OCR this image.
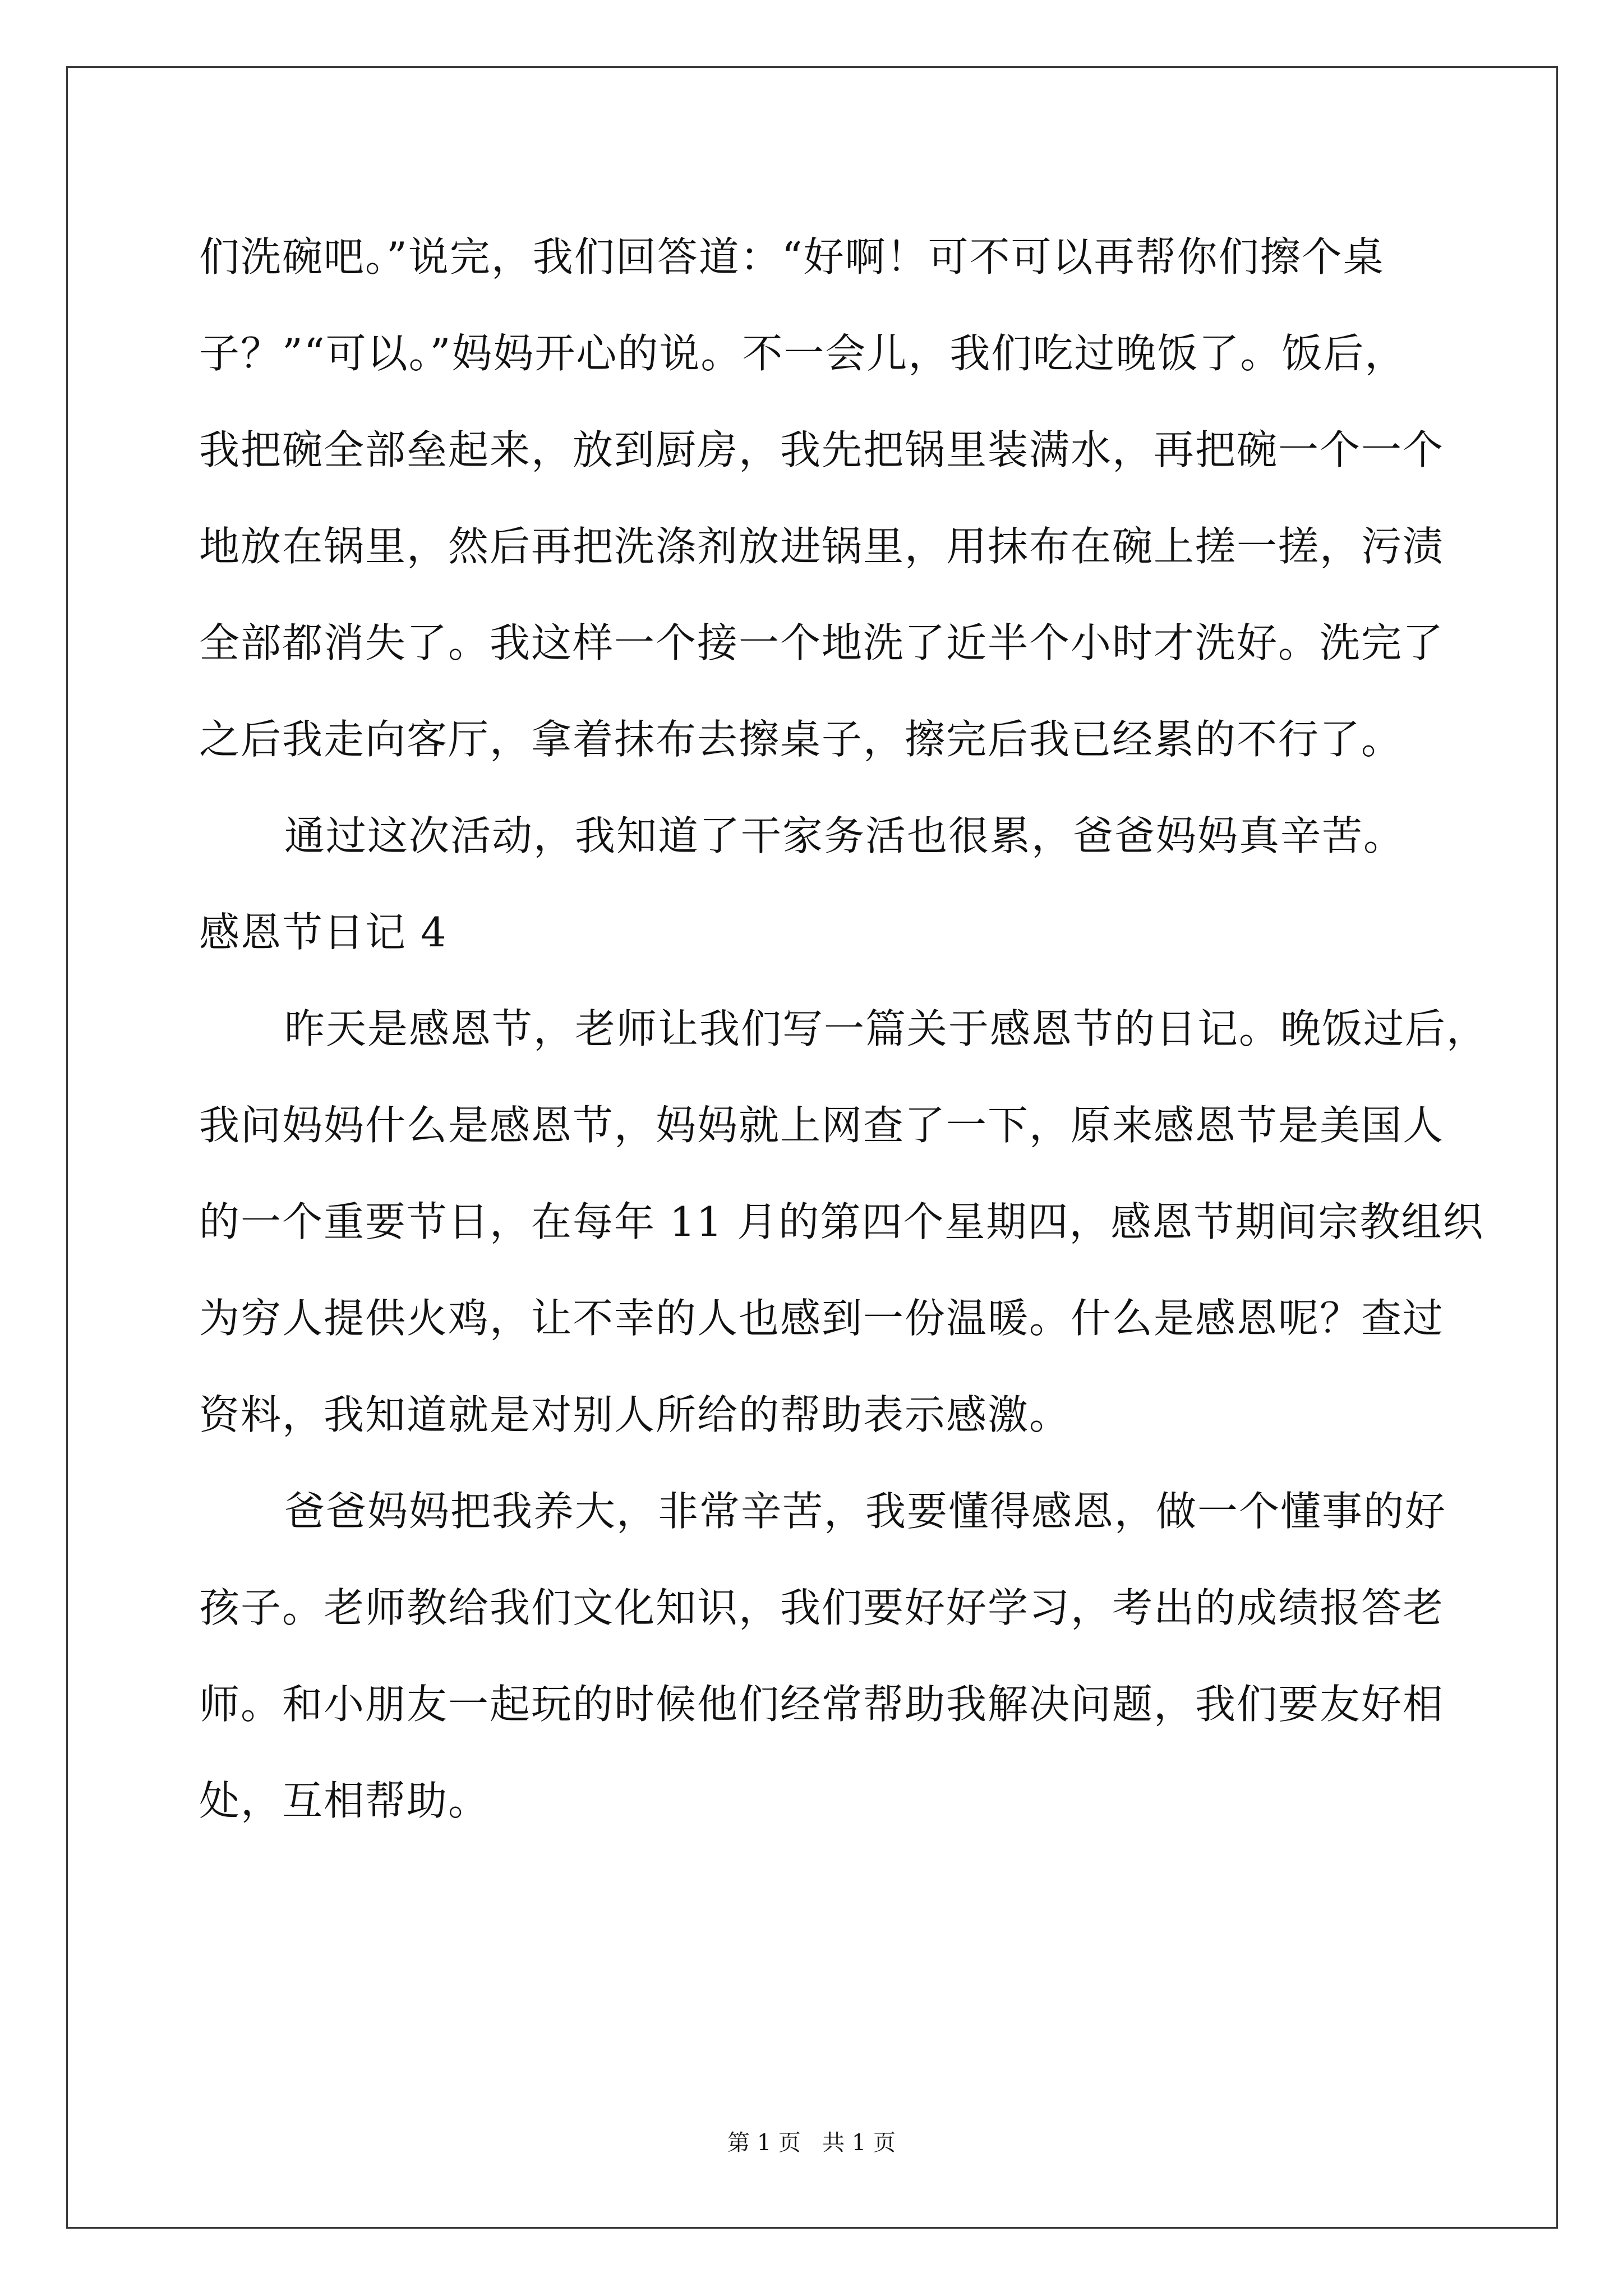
们洗碗吧。”说完，我们回答道：“好啊！可不可以再帮你们擦个桌
子？”“可以。”妈妈开心的说。不一会儿，我们吃过晚饭了。饭后，
我把碗全部垒起来，放到厨房，我先把锅里装满水，再把碗一个一个
地放在锅里，然后再把洗涤剂放进锅里，用抹布在碗上搓一搓，污渍
全部都消失了。我这样一个接一个地洗了近半个小时才洗好。洗完了
之后我走向客厅，拿着抹布去擦桌子，擦完后我已经累的不行了。
通过这次活动，我知道了干家务活也很累，爸爸妈妈真辛苦。
感恩节日记 4
昨天是感恩节，老师让我们写一篇关于感恩节的日记。晚饭过后，
我问妈妈什么是感恩节，妈妈就上网查了一下，原来感恩节是美国人
的一个重要节日，在每年 11 月的第四个星期四，感恩节期间宗教组织
为穷人提供火鸡，让不幸的人也感到一份温暖。什么是感恩呢？查过
资料，我知道就是对别人所给的帮助表示感激。
爸爸妈妈把我养大，非常辛苦，我要懂得感恩，做一个懂事的好
孩子。老师教给我们文化知识，我们要好好学习，考出的成绩报答老
师。和小朋友一起玩的时候他们经常帮助我解决问题，我们要友好相
处，互相帮助。
第 1 页   共 1 页
